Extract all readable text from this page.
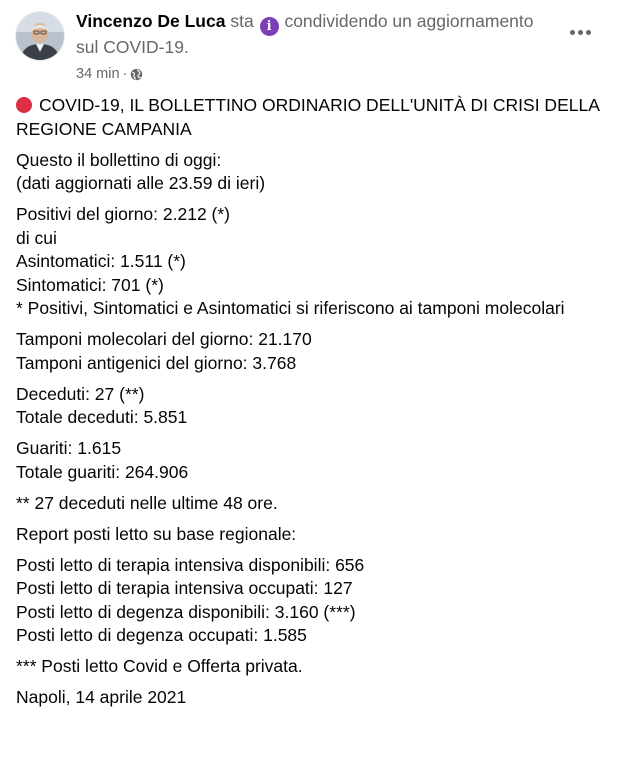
Vincenzo De Luca sta i condividendo un aggiornamento sul COVID-19.
34 min ·
COVID-19, IL BOLLETTINO ORDINARIO DELL'UNITÀ DI CRISI DELLA REGIONE CAMPANIA
Questo il bollettino di oggi:
(dati aggiornati alle 23.59 di ieri)
Positivi del giorno: 2.212 (*)
di cui
Asintomatici: 1.511 (*)
Sintomatici: 701 (*)
* Positivi, Sintomatici e Asintomatici si riferiscono ai tamponi molecolari
Tamponi molecolari del giorno: 21.170
Tamponi antigenici del giorno: 3.768
Deceduti: 27 (**)
Totale deceduti: 5.851
Guariti: 1.615
Totale guariti: 264.906
** 27 deceduti nelle ultime 48 ore.
Report posti letto su base regionale:
Posti letto di terapia intensiva disponibili: 656
Posti letto di terapia intensiva occupati: 127
Posti letto di degenza disponibili: 3.160 (***)
Posti letto di degenza occupati: 1.585
*** Posti letto Covid e Offerta privata.
Napoli, 14 aprile 2021
